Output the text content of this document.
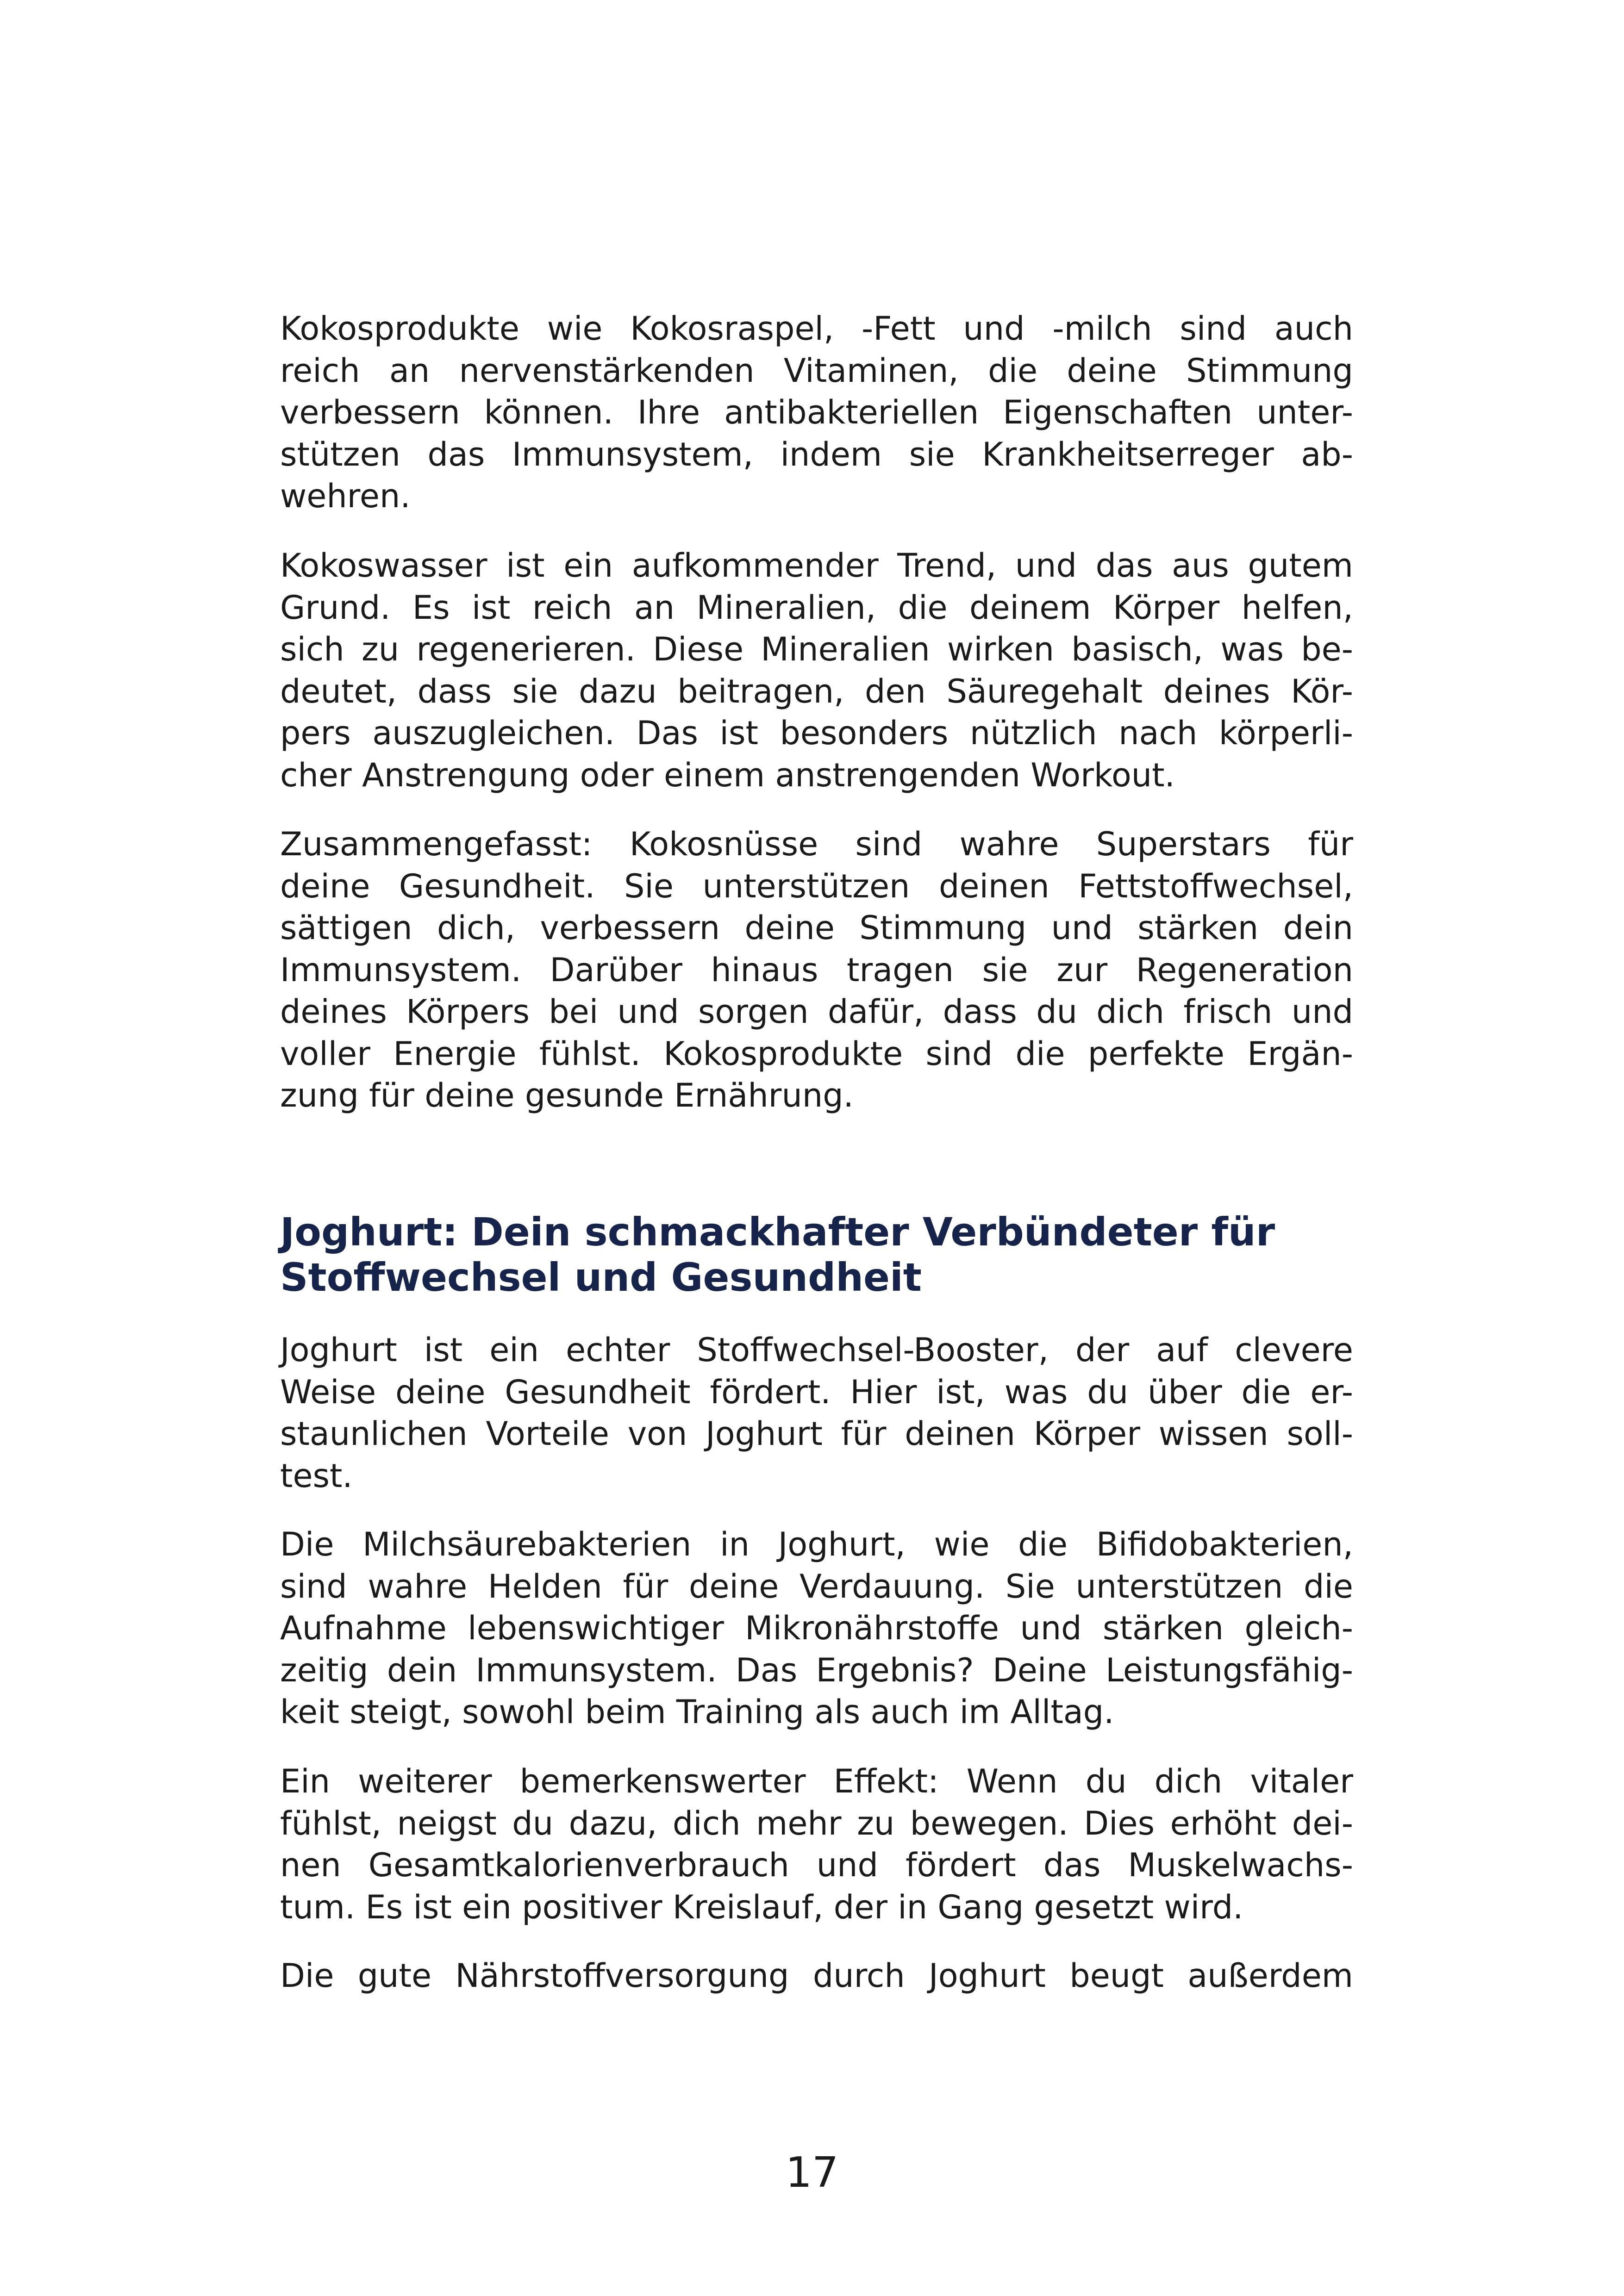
Kokosprodukte wie Kokosraspel, -Fett und -milch sind auch
reich an nervenstärkenden Vitaminen, die deine Stimmung
verbessern können. Ihre antibakteriellen Eigenschaften unter-
stützen das Immunsystem, indem sie Krankheitserreger ab-
wehren.
Kokoswasser ist ein aufkommender Trend, und das aus gutem
Grund. Es ist reich an Mineralien, die deinem Körper helfen,
sich zu regenerieren. Diese Mineralien wirken basisch, was be-
deutet, dass sie dazu beitragen, den Säuregehalt deines Kör-
pers auszugleichen. Das ist besonders nützlich nach körperli-
cher Anstrengung oder einem anstrengenden Workout.
Zusammengefasst: Kokosnüsse sind wahre Superstars für
deine Gesundheit. Sie unterstützen deinen Fettstoffwechsel,
sättigen dich, verbessern deine Stimmung und stärken dein
Immunsystem. Darüber hinaus tragen sie zur Regeneration
deines Körpers bei und sorgen dafür, dass du dich frisch und
voller Energie fühlst. Kokosprodukte sind die perfekte Ergän-
zung für deine gesunde Ernährung.
Joghurt: Dein schmackhafter Verbündeter für
Stoffwechsel und Gesundheit
Joghurt ist ein echter Stoffwechsel-Booster, der auf clevere
Weise deine Gesundheit fördert. Hier ist, was du über die er-
staunlichen Vorteile von Joghurt für deinen Körper wissen soll-
test.
Die Milchsäurebakterien in Joghurt, wie die Bifidobakterien,
sind wahre Helden für deine Verdauung. Sie unterstützen die
Aufnahme lebenswichtiger Mikronährstoffe und stärken gleich-
zeitig dein Immunsystem. Das Ergebnis? Deine Leistungsfähig-
keit steigt, sowohl beim Training als auch im Alltag.
Ein weiterer bemerkenswerter Effekt: Wenn du dich vitaler
fühlst, neigst du dazu, dich mehr zu bewegen. Dies erhöht dei-
nen Gesamtkalorienverbrauch und fördert das Muskelwachs-
tum. Es ist ein positiver Kreislauf, der in Gang gesetzt wird.
Die gute Nährstoffversorgung durch Joghurt beugt außerdem
17
